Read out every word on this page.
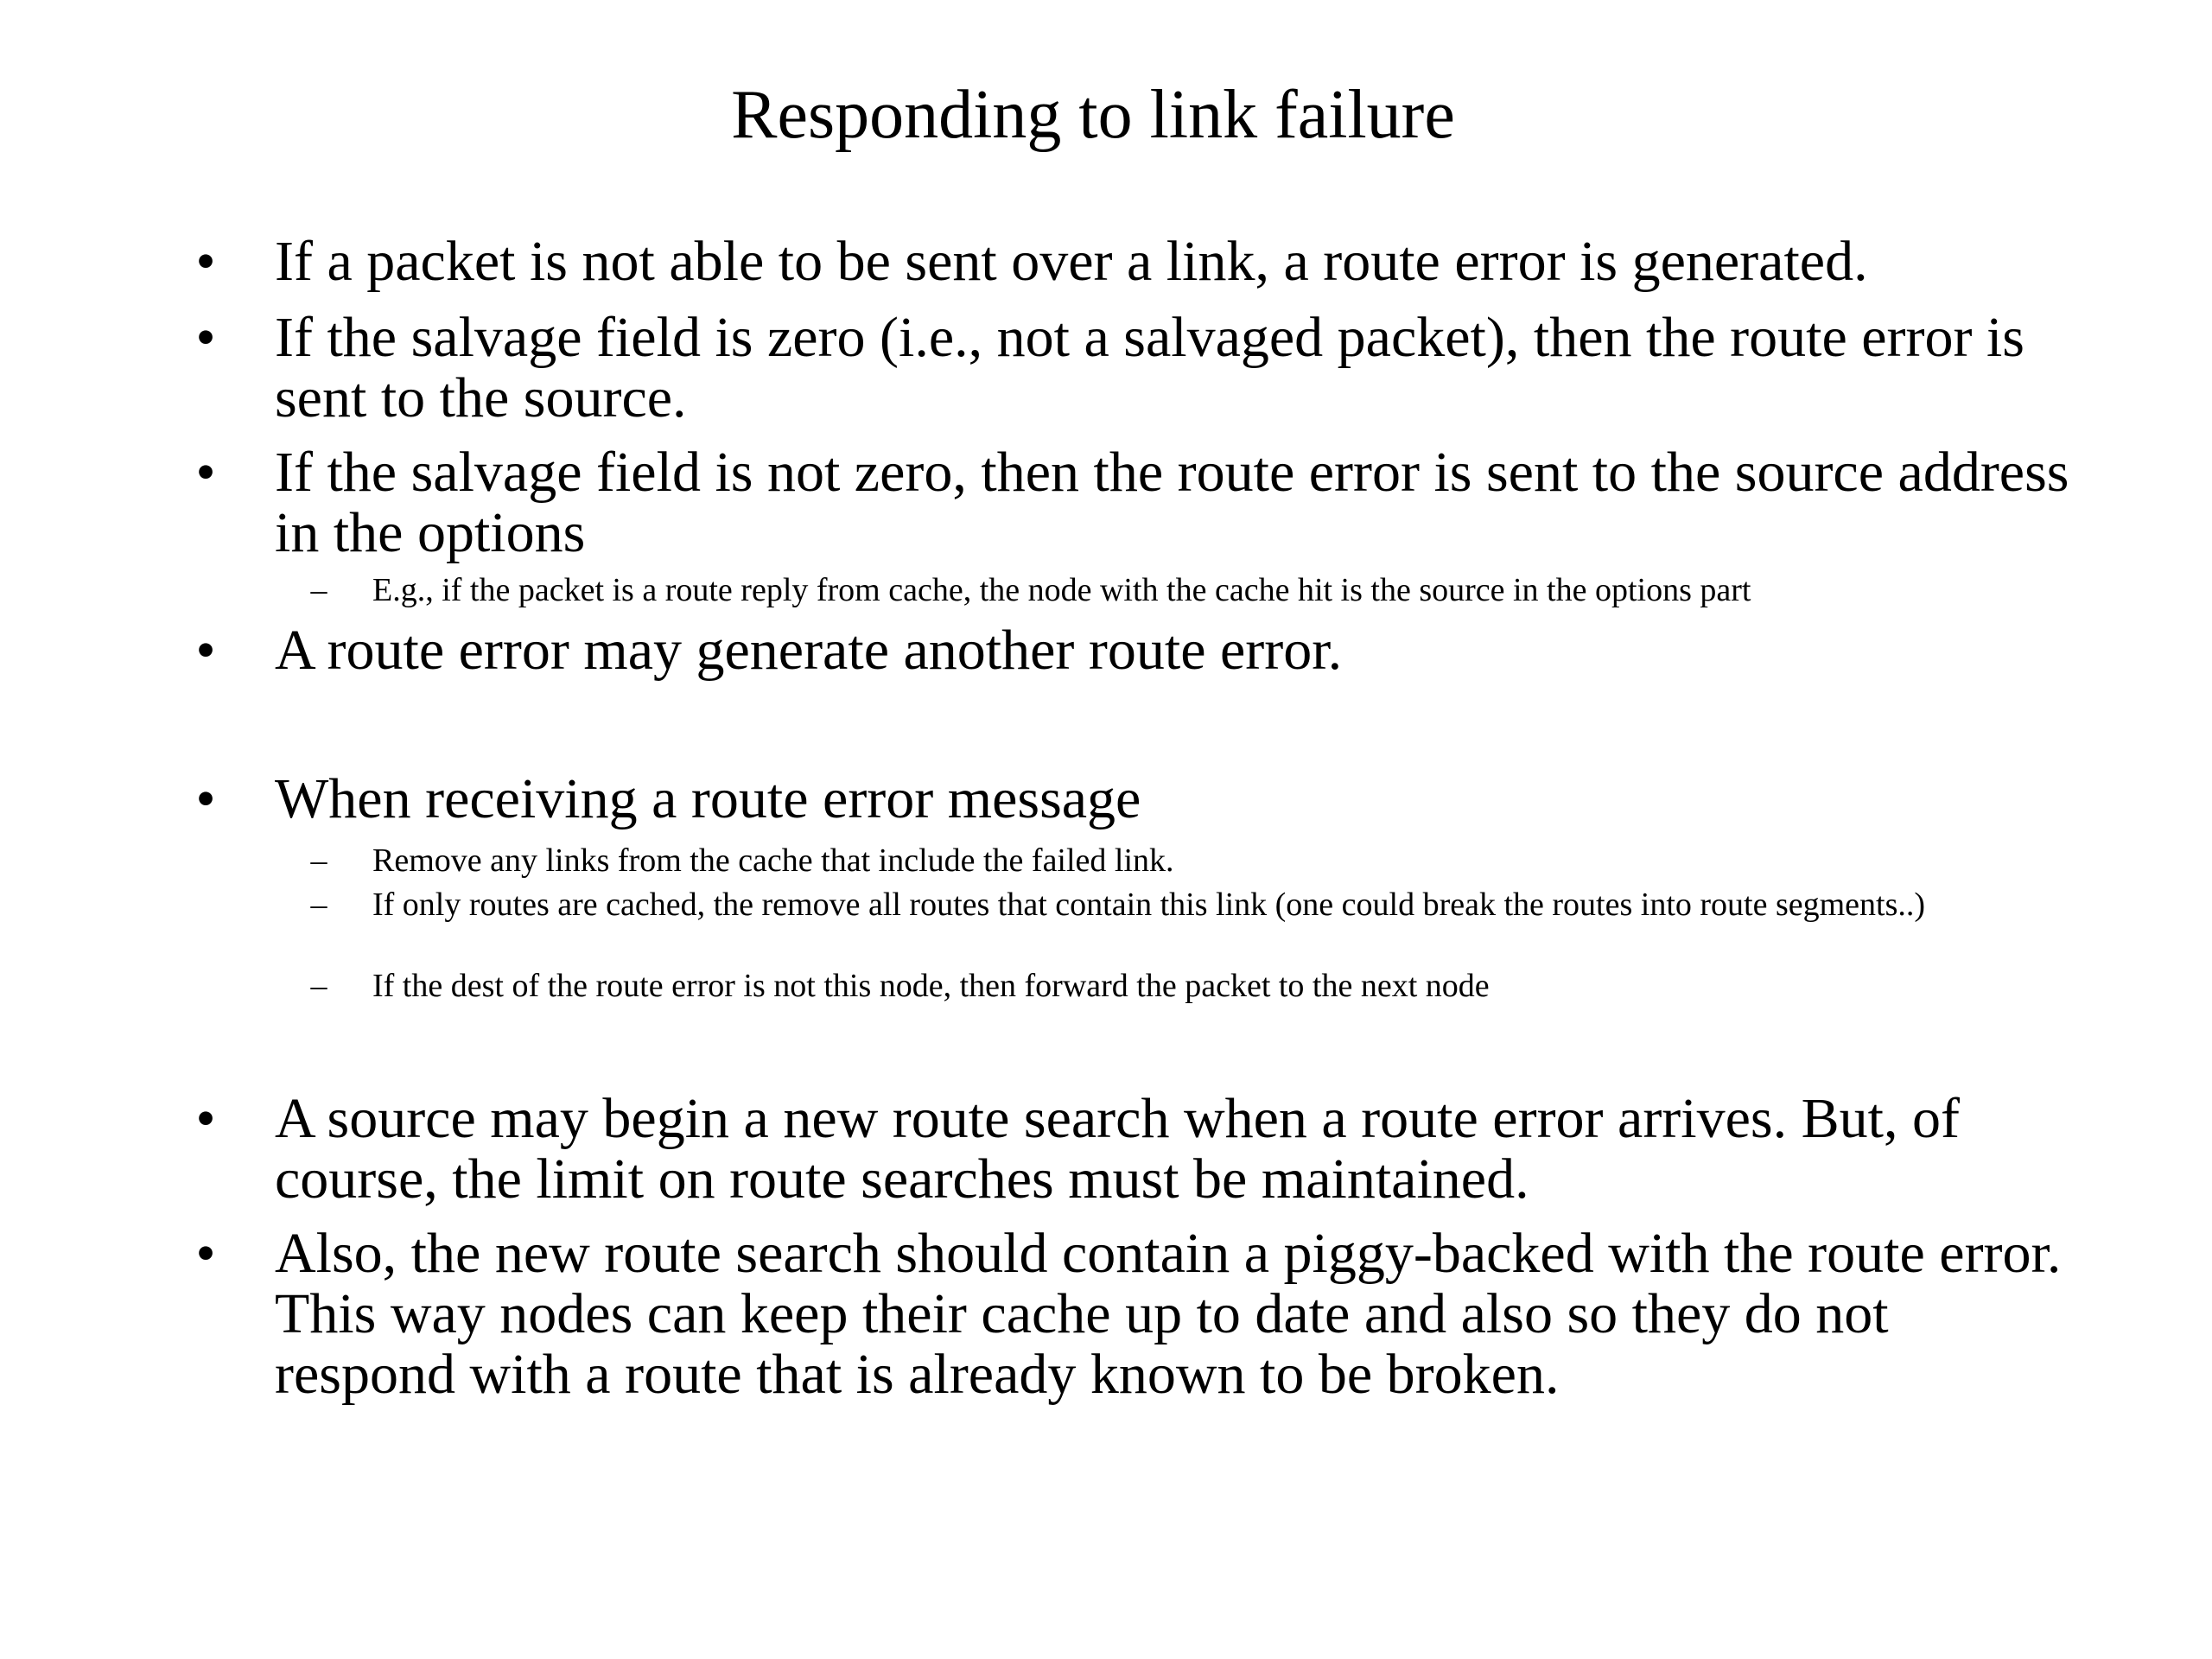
Responding to link failure
• If a packet is not able to be sent over a link, a route error is generated.
• If the salvage field is zero (i.e., not a salvaged packet), then the route error is sent to the source.
• If the salvage field is not zero, then the route error is sent to the source address in the options
– E.g., if the packet is a route reply from cache, the node with the cache hit is the source in the options part
• A route error may generate another route error.
• When receiving a route error message
– Remove any links from the cache that include the failed link.
– If only routes are cached, the remove all routes that contain this link (one could break the routes into route segments..)
– If the dest of the route error is not this node, then forward the packet to the next node
• A source may begin a new route search when a route error arrives. But, of course, the limit on route searches must be maintained.
• Also, the new route search should contain a piggy-backed with the route error. This way nodes can keep their cache up to date and also so they do not respond with a route that is already known to be broken.
